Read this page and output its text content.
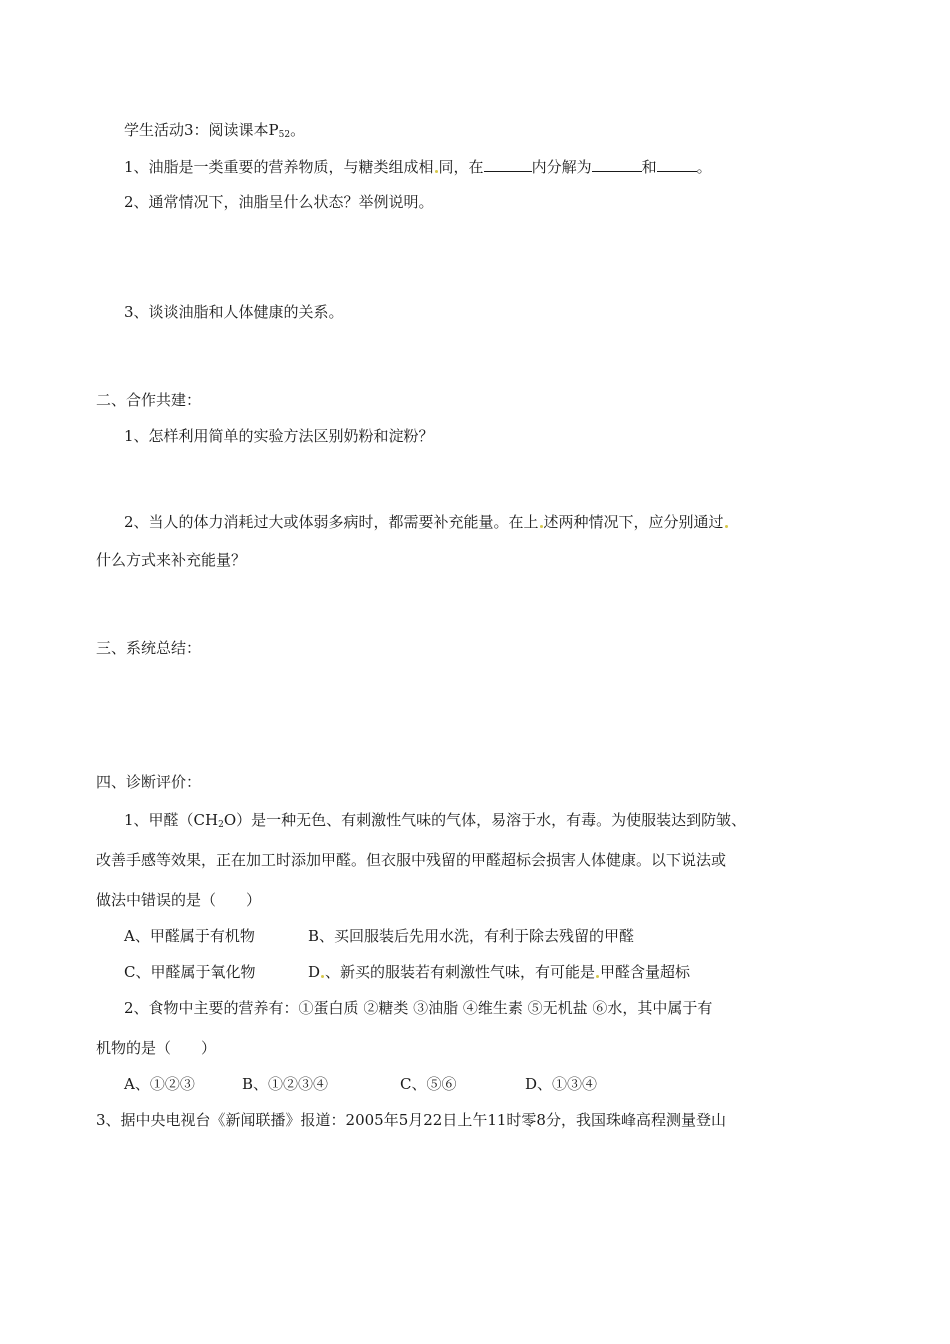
学生活动3：阅读课本$P_{52}$。
1、油脂是一类重要的营养物质，与糖类组成相 同，在	内分解为	和	。
2、通常情况下，油脂呈什么状态？举例说明。
3、谈谈油脂和人体健康的关系。
二、合作共建：
1、怎样利用简单的实验方法区别奶粉和淀粉？
2、当人的体力消耗过大或体弱多病时，都需要补充能量。在上 述两种情况下，应分别通过
什么方式来补充能量？
三、系统总结：
四、诊断评价：
1、甲醛$(CH_2O)$是一种无色、有刺激性气味的气体，易溶于水，有毒。为使服装达到防皱、
改善手感等效果，正在加工时添加甲醛。但衣服中残留的甲醛超标会损害人体健康。以下说法或
做法中错误的是（　　）
A、甲醛属于有机物	B、买回服装后先用水洗，有利于除去残留的甲醛
C、甲醛属于氧化物	D 、新买的服装若有刺激性气味，有可能是 甲醛含量超标
2、食物中主要的营养有：①蛋白质 ②糖类 ③油脂 ④维生素 ⑤无机盐 ⑥水，其中属于有
机物的是（　　）
A、①②③	B、①②③④	C、⑤⑥	D、①③④
3、据中央电视台《新闻联播》报道：2005年5月22日上午11时零8分，我国珠峰高程测量登山
